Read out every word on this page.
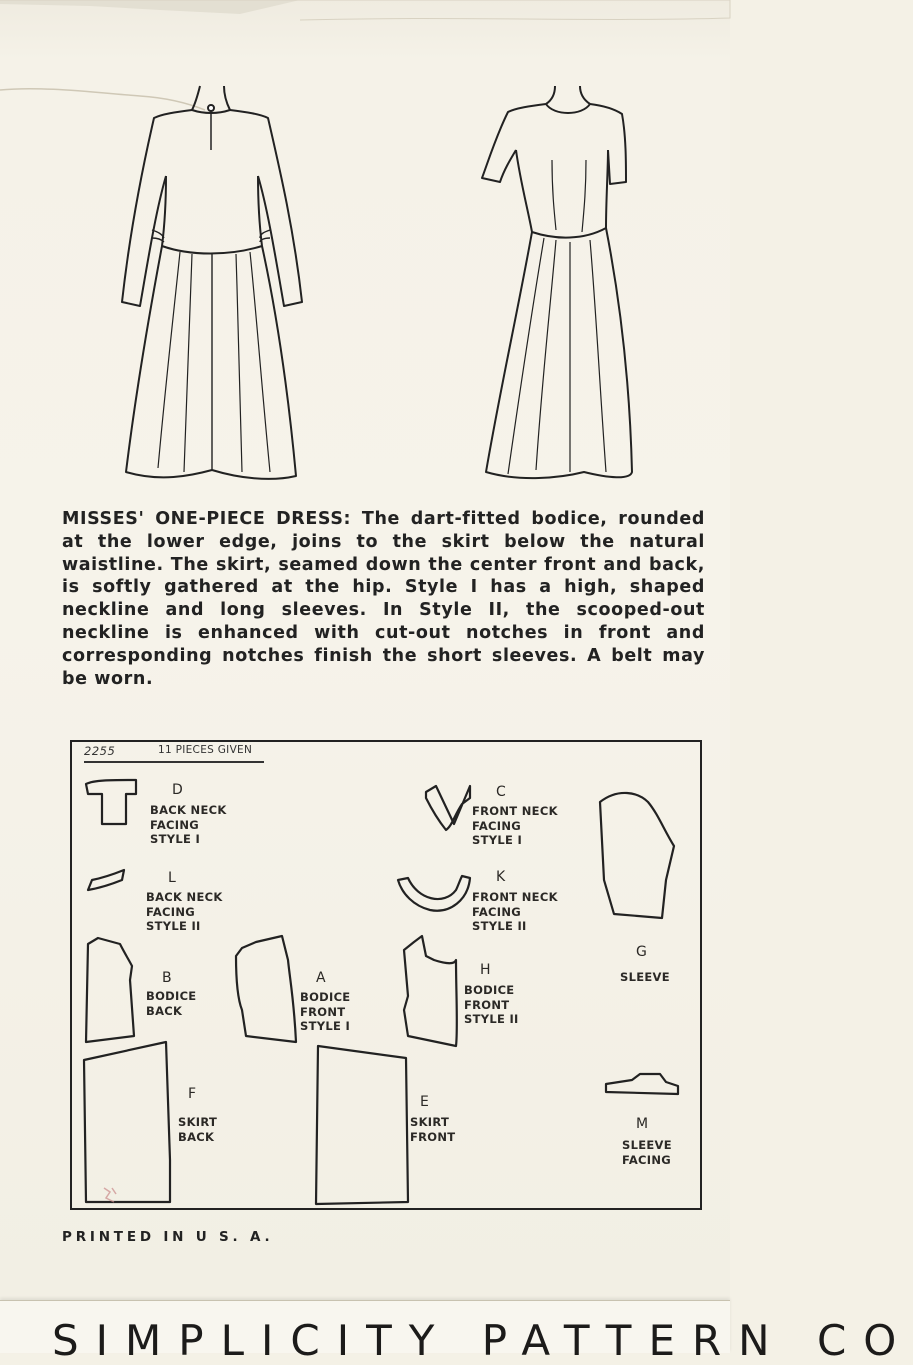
MISSES' ONE-PIECE DRESS: The dart-fitted bodice, rounded at the lower edge, joins to the skirt below the natural waistline. The skirt, seamed down the center front and back, is softly gathered at the hip. Style I has a high, shaped neckline and long sleeves. In Style II, the scooped-out neckline is enhanced with cut-out notches in front and corresponding notches finish the short sleeves. A belt may be worn.
2255	11 PIECES GIVEN
D
BACK NECK
FACING
STYLE I
L
BACK NECK
FACING
STYLE II
B
BODICE
BACK
A
BODICE
FRONT
STYLE I
C
FRONT NECK
FACING
STYLE I
K
FRONT NECK
FACING
STYLE II
H
BODICE
FRONT
STYLE II
G
SLEEVE
F
SKIRT
BACK
E
SKIRT
FRONT
M
SLEEVE
FACING
PRINTED IN U S. A.
SIMPLICITY PATTERN CO
